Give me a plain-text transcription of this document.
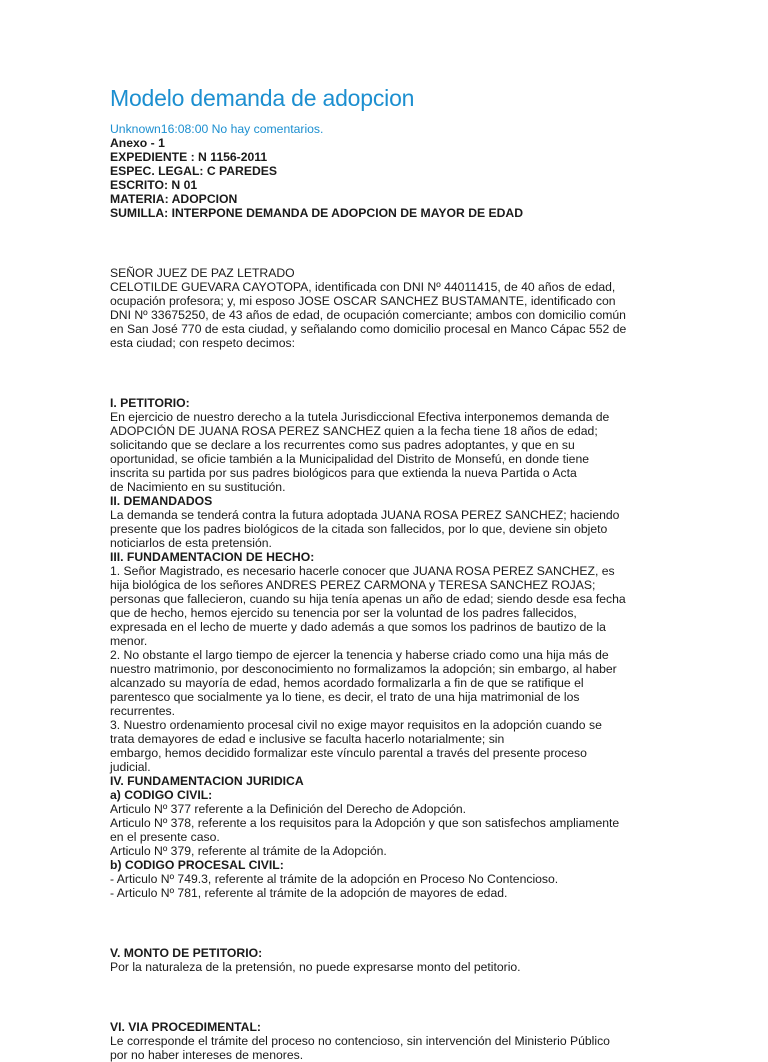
Modelo demanda de adopcion

Unknown16:08:00 No hay comentarios.

Anexo - 1

EXPEDIENTE : N 1156-2011

ESPEC. LEGAL: C PAREDES

ESCRITO: N 01

MATERIA: ADOPCION

SUMILLA: INTERPONE DEMANDA DE ADOPCION DE MAYOR DE EDAD

SEÑOR JUEZ DE PAZ LETRADO

CELOTILDE GUEVARA CAYOTOPA, identificada con DNI Nº 44011415, de 40 años de edad,

ocupación profesora; y, mi esposo JOSE OSCAR SANCHEZ BUSTAMANTE, identificado con

DNI Nº 33675250, de 43 años de edad, de ocupación comerciante; ambos con domicilio común

en San José 770 de esta ciudad, y señalando como domicilio procesal en Manco Cápac 552 de

esta ciudad; con respeto decimos:

I. PETITORIO:

En ejercicio de nuestro derecho a la tutela Jurisdiccional Efectiva interponemos demanda de

ADOPCIÓN DE JUANA ROSA PEREZ SANCHEZ quien a la fecha tiene 18 años de edad;

solicitando que se declare a los recurrentes como sus padres adoptantes, y que en su

oportunidad, se oficie también a la Municipalidad del Distrito de Monsefú, en donde tiene

inscrita su partida por sus padres biológicos para que extienda la nueva Partida o Acta

de Nacimiento en su sustitución.

II. DEMANDADOS

La demanda se tenderá contra la futura adoptada JUANA ROSA PEREZ SANCHEZ; haciendo

presente que los padres biológicos de la citada son fallecidos, por lo que, deviene sin objeto

noticiarlos de esta pretensión.

III. FUNDAMENTACION DE HECHO:

1. Señor Magistrado, es necesario hacerle conocer que JUANA ROSA PEREZ SANCHEZ, es

hija biológica de los señores ANDRES PEREZ CARMONA y TERESA SANCHEZ ROJAS;

personas que fallecieron, cuando su hija tenía apenas un año de edad; siendo desde esa fecha

que de hecho, hemos ejercido su tenencia por ser la voluntad de los padres fallecidos,

expresada en el lecho de muerte y dado además a que somos los padrinos de bautizo de la

menor.

2. No obstante el largo tiempo de ejercer la tenencia y haberse criado como una hija más de

nuestro matrimonio, por desconocimiento no formalizamos la adopción; sin embargo, al haber

alcanzado su mayoría de edad, hemos acordado formalizarla a fin de que se ratifique el

parentesco que socialmente ya lo tiene, es decir, el trato de una hija matrimonial de los

recurrentes.

3. Nuestro ordenamiento procesal civil no exige mayor requisitos en la adopción cuando se

trata demayores de edad e inclusive se faculta hacerlo notarialmente; sin

embargo, hemos decidido formalizar este vínculo parental a través del presente proceso

judicial.

IV. FUNDAMENTACION JURIDICA

a) CODIGO CIVIL:

Articulo Nº 377 referente a la Definición del Derecho de Adopción.

Articulo Nº 378, referente a los requisitos para la Adopción y que son satisfechos ampliamente

en el presente caso.

Articulo Nº 379, referente al trámite de la Adopción.

b) CODIGO PROCESAL CIVIL:

- Articulo Nº 749.3, referente al trámite de la adopción en Proceso No Contencioso.

- Articulo Nº 781, referente al trámite de la adopción de mayores de edad.

V. MONTO DE PETITORIO:

Por la naturaleza de la pretensión, no puede expresarse monto del petitorio.

VI. VIA PROCEDIMENTAL:

Le corresponde el trámite del proceso no contencioso, sin intervención del Ministerio Público

por no haber intereses de menores.
